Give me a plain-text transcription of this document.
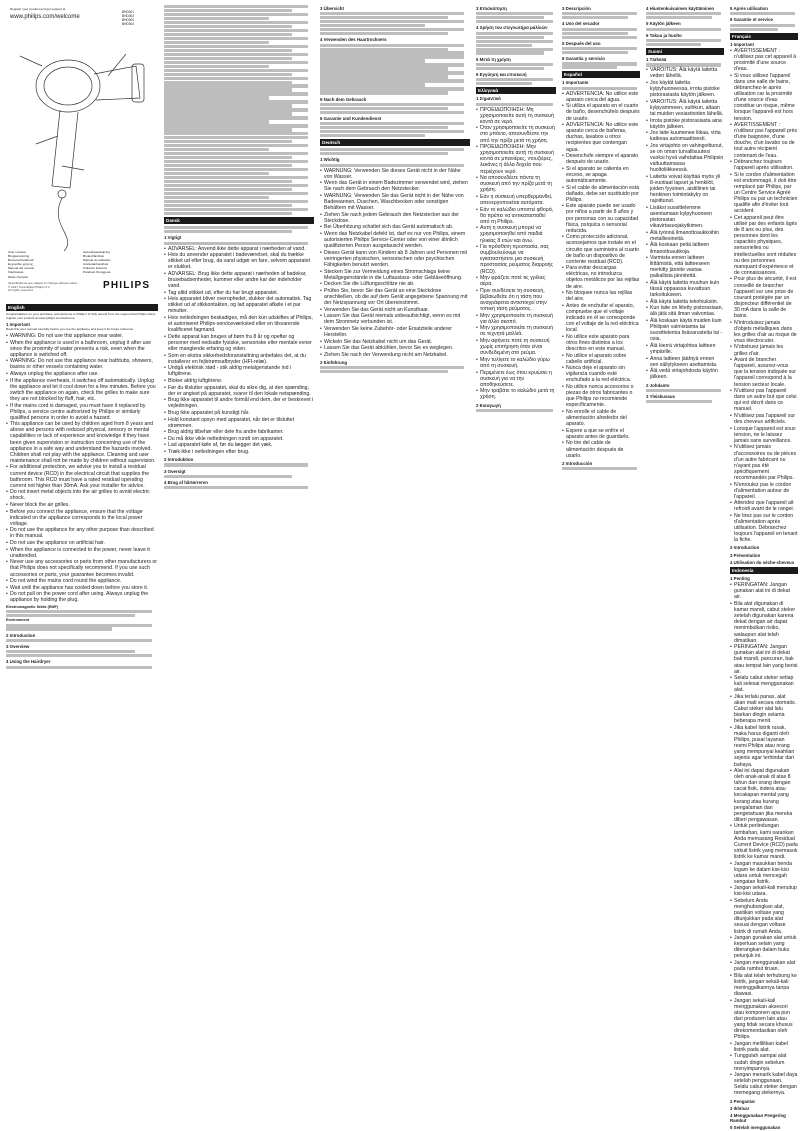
Register your product and get support at
www.philips.com/welcome
BHD001
BHD002
BHD003
BHD004
User manual	Gebruiksaanwijzing
Brugsanvisning	Brukerhåndbok
Benutzerhandbuch	Manual do utilizador
Εγχειρίδιο χρήσης	Användarhandbok
Manual del usuario	Kullanım kılavuzu
Käyttöopas	Panduan Pengguna
Mode d'emploi
PHILIPS
Specifications are subject to change without notice
© 2017 Koninklijke Philips N.V.
All rights reserved.
English

Congratulations on your purchase, and welcome to Philips! To fully benefit from the support that Philips offers, register your product at www.philips.com/welcome.

1 Important

Read this user manual carefully before you use the appliance and keep it for future reference.

• WARNING: Do not use this appliance near water.
• When the appliance is used in a bathroom, unplug it after use since the proximity of water presents a risk, even when the appliance is switched off.
• WARNING: Do not use this appliance near bathtubs, showers, basins or other vessels containing water.
• Always unplug the appliance after use.
• If the appliance overheats, it switches off automatically. Unplug the appliance and let it cool down for a few minutes. Before you switch the appliance on again, check the grilles to make sure they are not blocked by fluff, hair, etc.
• If the mains cord is damaged, you must have it replaced by Philips, a service centre authorized by Philips or similarly qualified persons in order to avoid a hazard.
• This appliance can be used by children aged from 8 years and above and persons with reduced physical, sensory or mental capabilities or lack of experience and knowledge if they have been given supervision or instruction concerning use of the appliance in a safe way and understand the hazards involved. Children shall not play with the appliance. Cleaning and user maintenance shall not be made by children without supervision.
• For additional protection, we advise you to install a residual current device (RCD) in the electrical circuit that supplies the bathroom. This RCD must have a rated residual operating current not higher than 30mA. Ask your installer for advice.
• Do not insert metal objects into the air grilles to avoid electric shock.
• Never block the air grilles.
• Before you connect the appliance, ensure that the voltage indicated on the appliance corresponds to the local power voltage.
• Do not use the appliance for any other purpose than described in this manual.
• Do not use the appliance on artificial hair.
• When the appliance is connected to the power, never leave it unattended.
• Never use any accessories or parts from other manufacturers or that Philips does not specifically recommend. If you use such accessories or parts, your guarantee becomes invalid.
• Do not wind the mains cord round the appliance.
• Wait until the appliance has cooled down before you store it.
• Do not pull on the power cord after using. Always unplug the appliance by holding the plug.
Electromagnetic fields (EMF)
Environment
2 Introduction
3 Overview
4 Using the Hairdryer
Dansk
1 Vigtigt
• ADVARSEL: Anvend ikke dette apparat i nærheden af vand.
• Hvis du anvender apparatet i badeværelset, skal du trække stikket ud efter brug, da vand udgør en fare, selvom apparatet er slukket.
• ADVARSEL: Brug ikke dette apparat i nærheden af badekar, brusebadsenheder, kummer eller andre kar der indeholder vand.
• Tag altid stikket ud, efter du har brugt apparatet.
• Hvis apparatet bliver overophedet, slukker det automatisk. Tag stikket ud af stikkontakten, og lad apparatet afkøle i et par minutter.
• Hvis netledningen beskadiges, må den kun udskiftes af Philips, et autoriseret Philips-serviceværksted eller en tilsvarende kvalificeret fagmand.
• Dette apparat kan bruges af børn fra 8 år og opefter og personer med nedsatte fysiske, sensoriske eller mentale evner eller manglende erfaring og viden.
• Som en ekstra sikkerhedsforanstaltning anbefales det, at du installerer en fejlstrømsafbryder (HFI-relæ).
• Undgå elektrisk stød - stik aldrig metalgenstande ind i luftgitrene.
• Bloker aldrig luftgitrene.
• Før du tilslutter apparatet, skal du sikre dig, at den spænding, der er angivet på apparatet, svarer til den lokale netspænding.
• Brug ikke apparatet til andre formål end dem, der er beskrevet i vejledningen.
• Brug ikke apparatet på kunstigt hår.
• Hold konstant opsyn med apparatet, når det er tilsluttet strømmen.
• Brug aldrig tilbehør eller dele fra andre fabrikanter.
• Du må ikke vikle netledningen rundt om apparatet.
• Lad apparatet køle af, før du lægger det væk.
• Træk ikke i netledningen efter brug.
2 Introduktion
3 Oversigt
4 Brug af hårtørreren
3 Übersicht
4 Verwenden des Haartrockners
5 Nach dem Gebrauch
6 Garantie und Kundendienst
Deutsch
1 Wichtig
• WARNUNG: Verwenden Sie dieses Gerät nicht in der Nähe von Wasser.
• Wenn das Gerät in einem Badezimmer verwendet wird, ziehen Sie nach dem Gebrauch den Netzstecker.
• WARNUNG: Verwenden Sie das Gerät nicht in der Nähe von Badewannen, Duschen, Waschbecken oder sonstigen Behältern mit Wasser.
• Ziehen Sie nach jedem Gebrauch den Netzstecker aus der Steckdose.
• Bei Überhitzung schaltet sich das Gerät automatisch ab.
• Wenn das Netzkabel defekt ist, darf es nur von Philips, einem autorisierten Philips Service-Center oder von einer ähnlich qualifizierten Person ausgetauscht werden.
• Dieses Gerät kann von Kindern ab 8 Jahren und Personen mit verringerten physischen, sensorischen oder psychischen Fähigkeiten benutzt werden.
• Stecken Sie zur Vermeidung eines Stromschlags keine Metallgegenstände in die Luftauslass- oder Gebläseöffnung.
• Decken Sie die Lüftungsschlitze nie ab.
• Prüfen Sie, bevor Sie das Gerät an eine Steckdose anschließen, ob die auf dem Gerät angegebene Spannung mit der Netzspannung vor Ort übereinstimmt.
• Verwenden Sie das Gerät nicht an Kunsthaar.
• Lassen Sie das Gerät niemals unbeaufsichtigt, wenn es mit dem Stromnetz verbunden ist.
• Verwenden Sie keine Zubehör- oder Ersatzteile anderer Hersteller.
• Wickeln Sie das Netzkabel nicht um das Gerät.
• Lassen Sie das Gerät abkühlen, bevor Sie es weglegen.
• Ziehen Sie nach der Verwendung nicht am Netzkabel.
2 Einführung
3 Επισκόπηση
4 Χρήση του στεγνωτήρα μαλλιών
5 Μετά τη χρήση
6 Εγγύηση και επισκευή
Ελληνικά
1 Σημαντικό
• ΠΡΟΕΙΔΟΠΟΙΗΣΗ: Μη χρησιμοποιείτε αυτή τη συσκευή κοντά σε νερό.
• Όταν χρησιμοποιείτε τη συσκευή στο μπάνιο, αποσυνδέστε την από την πρίζα μετά τη χρήση.
• ΠΡΟΕΙΔΟΠΟΙΗΣΗ: Μην χρησιμοποιείτε αυτή τη συσκευή κοντά σε μπανιέρες, ντουζιέρες, λεκάνες ή άλλα δοχεία που περιέχουν νερό.
• Να αποσυνδέετε πάντα τη συσκευή από την πρίζα μετά τη χρήση.
• Εάν η συσκευή υπερθερμανθεί, απενεργοποιείται αυτόματα.
• Εάν το καλώδιο υποστεί φθορά, θα πρέπει να αντικατασταθεί από τη Philips.
• Αυτή η συσκευή μπορεί να χρησιμοποιηθεί από παιδιά ηλικίας 8 ετών και άνω.
• Για πρόσθετη προστασία, σας συμβουλεύουμε να εγκαταστήσετε μια συσκευή προστασίας ρεύματος διαρροής (RCD).
• Μην φράζετε ποτέ τις γρίλιες αέρα.
• Πριν συνδέσετε τη συσκευή, βεβαιωθείτε ότι η τάση που αναγράφεται αντιστοιχεί στην τοπική τάση ρεύματος.
• Μην χρησιμοποιείτε τη συσκευή για άλλο σκοπό.
• Μην χρησιμοποιείτε τη συσκευή σε τεχνητά μαλλιά.
• Μην αφήνετε ποτέ τη συσκευή χωρίς επιτήρηση όταν είναι συνδεδεμένη στο ρεύμα.
• Μην τυλίγετε το καλώδιο γύρω από τη συσκευή.
• Περιμένετε έως ότου κρυώσει η συσκευή για να την αποθηκεύσετε.
• Μην τραβάτε το καλώδιο μετά τη χρήση.
2 Εισαγωγή
3 Descripción
4 Uso del secador
5 Después del uso
6 Garantía y servicio
Español
1 Importante
• ADVERTENCIA: No utilice este aparato cerca del agua.
• Si utiliza el aparato en el cuarto de baño, desenchúfelo después de usarlo.
• ADVERTENCIA: No utilice este aparato cerca de bañeras, duchas, lavabos u otros recipientes que contengan agua.
• Desenchufe siempre el aparato después de usarlo.
• Si el aparato se calienta en exceso, se apaga automáticamente.
• Si el cable de alimentación está dañado, debe ser sustituido por Philips.
• Este aparato puede ser usado por niños a partir de 8 años y por personas con su capacidad física, psíquica o sensorial reducida.
• Como protección adicional, aconsejamos que instale en el circuito que suministra al cuarto de baño un dispositivo de corriente residual (RCD).
• Para evitar descargas eléctricas, no introduzca objetos metálicos por las rejillas de aire.
• No bloquee nunca las rejillas del aire.
• Antes de enchufar el aparato, compruebe que el voltaje indicado en él se corresponde con el voltaje de la red eléctrica local.
• No utilice este aparato para otros fines distintos a los descritos en este manual.
• No utilice el aparato sobre cabello artificial.
• Nunca deje el aparato sin vigilancia cuando esté enchufado a la red eléctrica.
• No utilice nunca accesorios o piezas de otros fabricantes o que Philips no recomiende específicamente.
• No enrolle el cable de alimentación alrededor del aparato.
• Espere a que se enfríe el aparato antes de guardarlo.
• No tire del cable de alimentación después de usarlo.
2 Introducción
4 Hiustenkuivaimen käyttäminen
5 Käytön jälkeen
6 Takuu ja huolto
Suomi
1 Tärkeää
• VAROITUS: Älä käytä laitetta veden lähellä.
• Jos käytät laitetta kylpyhuoneessa, irrota pistoke pistorasiasta käytön jälkeen.
• VAROITUS: Älä käytä laitetta kylpyammeen, suihkun, altaan tai muiden vesiastioiden lähellä.
• Irrota pistoke pistorasiasta aina käytön jälkeen.
• Jos laite kuumenee liikaa, virta katkeaa automaattisesti.
• Jos virtajohto on vahingoittunut, se on oman turvallisuutesi vuoksi hyvä vaihdattaa Philipsin valtuuttamassa huoltoliikkeessä.
• Laitetta voivat käyttää myös yli 8-vuotiaat lapset ja henkilöt, joiden fyysinen, aistillinen tai henkinen toimintakyky on rajoittunut.
• Lisäksi suosittelemme asentamaan kylpyhuoneen pistorasian vikavirtasuojakytkimen.
• Älä työnnä ilmanottoaukkoihin metalliesineitä.
• Älä koskaan peitä laitteen ilmanottoaukkoja.
• Varmista ennen laitteen liittämistä, että laitteeseen merkitty jännite vastaa paikallista jännitettä.
• Älä käytä laitetta muuhun kuin tässä oppaassa kuvattuun tarkoitukseen.
• Älä käytä laitetta tekohiuksiin.
• Kun laite on liitetty pistorasiaan, älä jätä sitä ilman valvontaa.
• Älä koskaan käytä muiden kuin Philipsin valmistamia tai suosittelemia lisävarusteita tai -osia.
• Älä kierrä virtajohtoa laitteen ympärille.
• Anna laitteen jäähtyä ennen sen säilytykseen asettamista.
• Älä vedä virtajohdosta käytön jälkeen.
2 Johdanto
3 Yleiskuvaus
5 Après utilisation
6 Garantie et service
Français
1 Important
• AVERTISSEMENT : n'utilisez pas cet appareil à proximité d'une source d'eau.
• Si vous utilisez l'appareil dans une salle de bains, débranchez-le après utilisation car la proximité d'une source d'eau constitue un risque, même lorsque l'appareil est hors tension.
• AVERTISSEMENT : n'utilisez pas l'appareil près d'une baignoire, d'une douche, d'un lavabo ou de tout autre récipient contenant de l'eau.
• Débranchez toujours l'appareil après utilisation.
• Si le cordon d'alimentation est endommagé, il doit être remplacé par Philips, par un Centre Service Agréé Philips ou par un technicien qualifié afin d'éviter tout accident.
• Cet appareil peut être utilisé par des enfants âgés de 8 ans ou plus, des personnes dont les capacités physiques, sensorielles ou intellectuelles sont réduites ou des personnes manquant d'expérience et de connaissances.
• Pour plus de sécurité, il est conseillé de brancher l'appareil sur une prise de courant protégée par un disjoncteur différentiel de 30 mA dans la salle de bains.
• N'introduisez jamais d'objets métalliques dans les grilles d'air au risque de vous électrocuter.
• N'obstruez jamais les grilles d'air.
• Avant de brancher l'appareil, assurez-vous que la tension indiquée sur l'appareil correspond à la tension secteur locale.
• N'utilisez pas l'appareil dans un autre but que celui qui est décrit dans ce manuel.
• N'utilisez pas l'appareil sur des cheveux artificiels.
• Lorsque l'appareil est sous tension, ne le laissez jamais sans surveillance.
• N'utilisez jamais d'accessoires ou de pièces d'un autre fabricant ou n'ayant pas été spécifiquement recommandés par Philips.
• N'enroulez pas le cordon d'alimentation autour de l'appareil.
• Attendez que l'appareil ait refroidi avant de le ranger.
• Ne tirez pas sur le cordon d'alimentation après utilisation. Débranchez toujours l'appareil en tenant la fiche.
2 Introduction
3 Présentation
4 Utilisation du sèche-cheveux
Indonesia
1 Penting
• PERINGATAN: Jangan gunakan alat ini di dekat air.
• Bila alat digunakan di kamar mandi, cabut steker setelah digunakan karena dekat dengan air dapat menimbulkan risiko, walaupun alat telah dimatikan.
• PERINGATAN: Jangan gunakan alat ini di dekat bak mandi, pancuran, bak atau tempat lain yang berisi air.
• Selalu cabut steker setiap kali selesai menggunakan alat.
• Jika terlalu panas, alat akan mati secara otomatis. Cabut steker alat lalu biarkan dingin selama beberapa menit.
• Jika kabel listrik rusak, maka harus diganti oleh Philips, pusat layanan resmi Philips atau orang yang mempunyai keahlian sejenis agar terhindar dari bahaya.
• Alat ini dapat digunakan oleh anak-anak di atas 8 tahun dan orang dengan cacat fisik, indera atau kecakapan mental yang kurang atau kurang pengalaman dan pengetahuan jika mereka diberi pengawasan.
• Untuk perlindungan tambahan, kami sarankan Anda memasang Residual Current Device (RCD) pada sirkuit listrik yang memasok listrik ke kamar mandi.
• Jangan masukkan benda logam ke dalam kisi-kisi udara untuk mencegah sengatan listrik.
• Jangan sekali-kali menutup kisi-kisi udara.
• Sebelum Anda menghubungkan alat, pastikan voltase yang ditunjukkan pada alat sesuai dengan voltase listrik di rumah Anda.
• Jangan gunakan alat untuk keperluan selain yang diterangkan dalam buku petunjuk ini.
• Jangan menggunakan alat pada rambut tiruan.
• Bila alat telah terhubung ke listrik, jangan sekali-kali meninggalkannya tanpa diawasi.
• Jangan sekali-kali menggunakan aksesori atau komponen apa pun dari produsen lain atau yang tidak secara khusus direkomendasikan oleh Philips.
• Jangan melilitkan kabel listrik pada alat.
• Tunggulah sampai alat sudah dingin sebelum menyimpannya.
• Jangan menarik kabel daya setelah penggunaan. Selalu cabut steker dengan memegang stekernya.
2 Pengantar
3 Ikhtisar
4 Menggunakan Pengering Rambut
5 Setelah menggunakan
